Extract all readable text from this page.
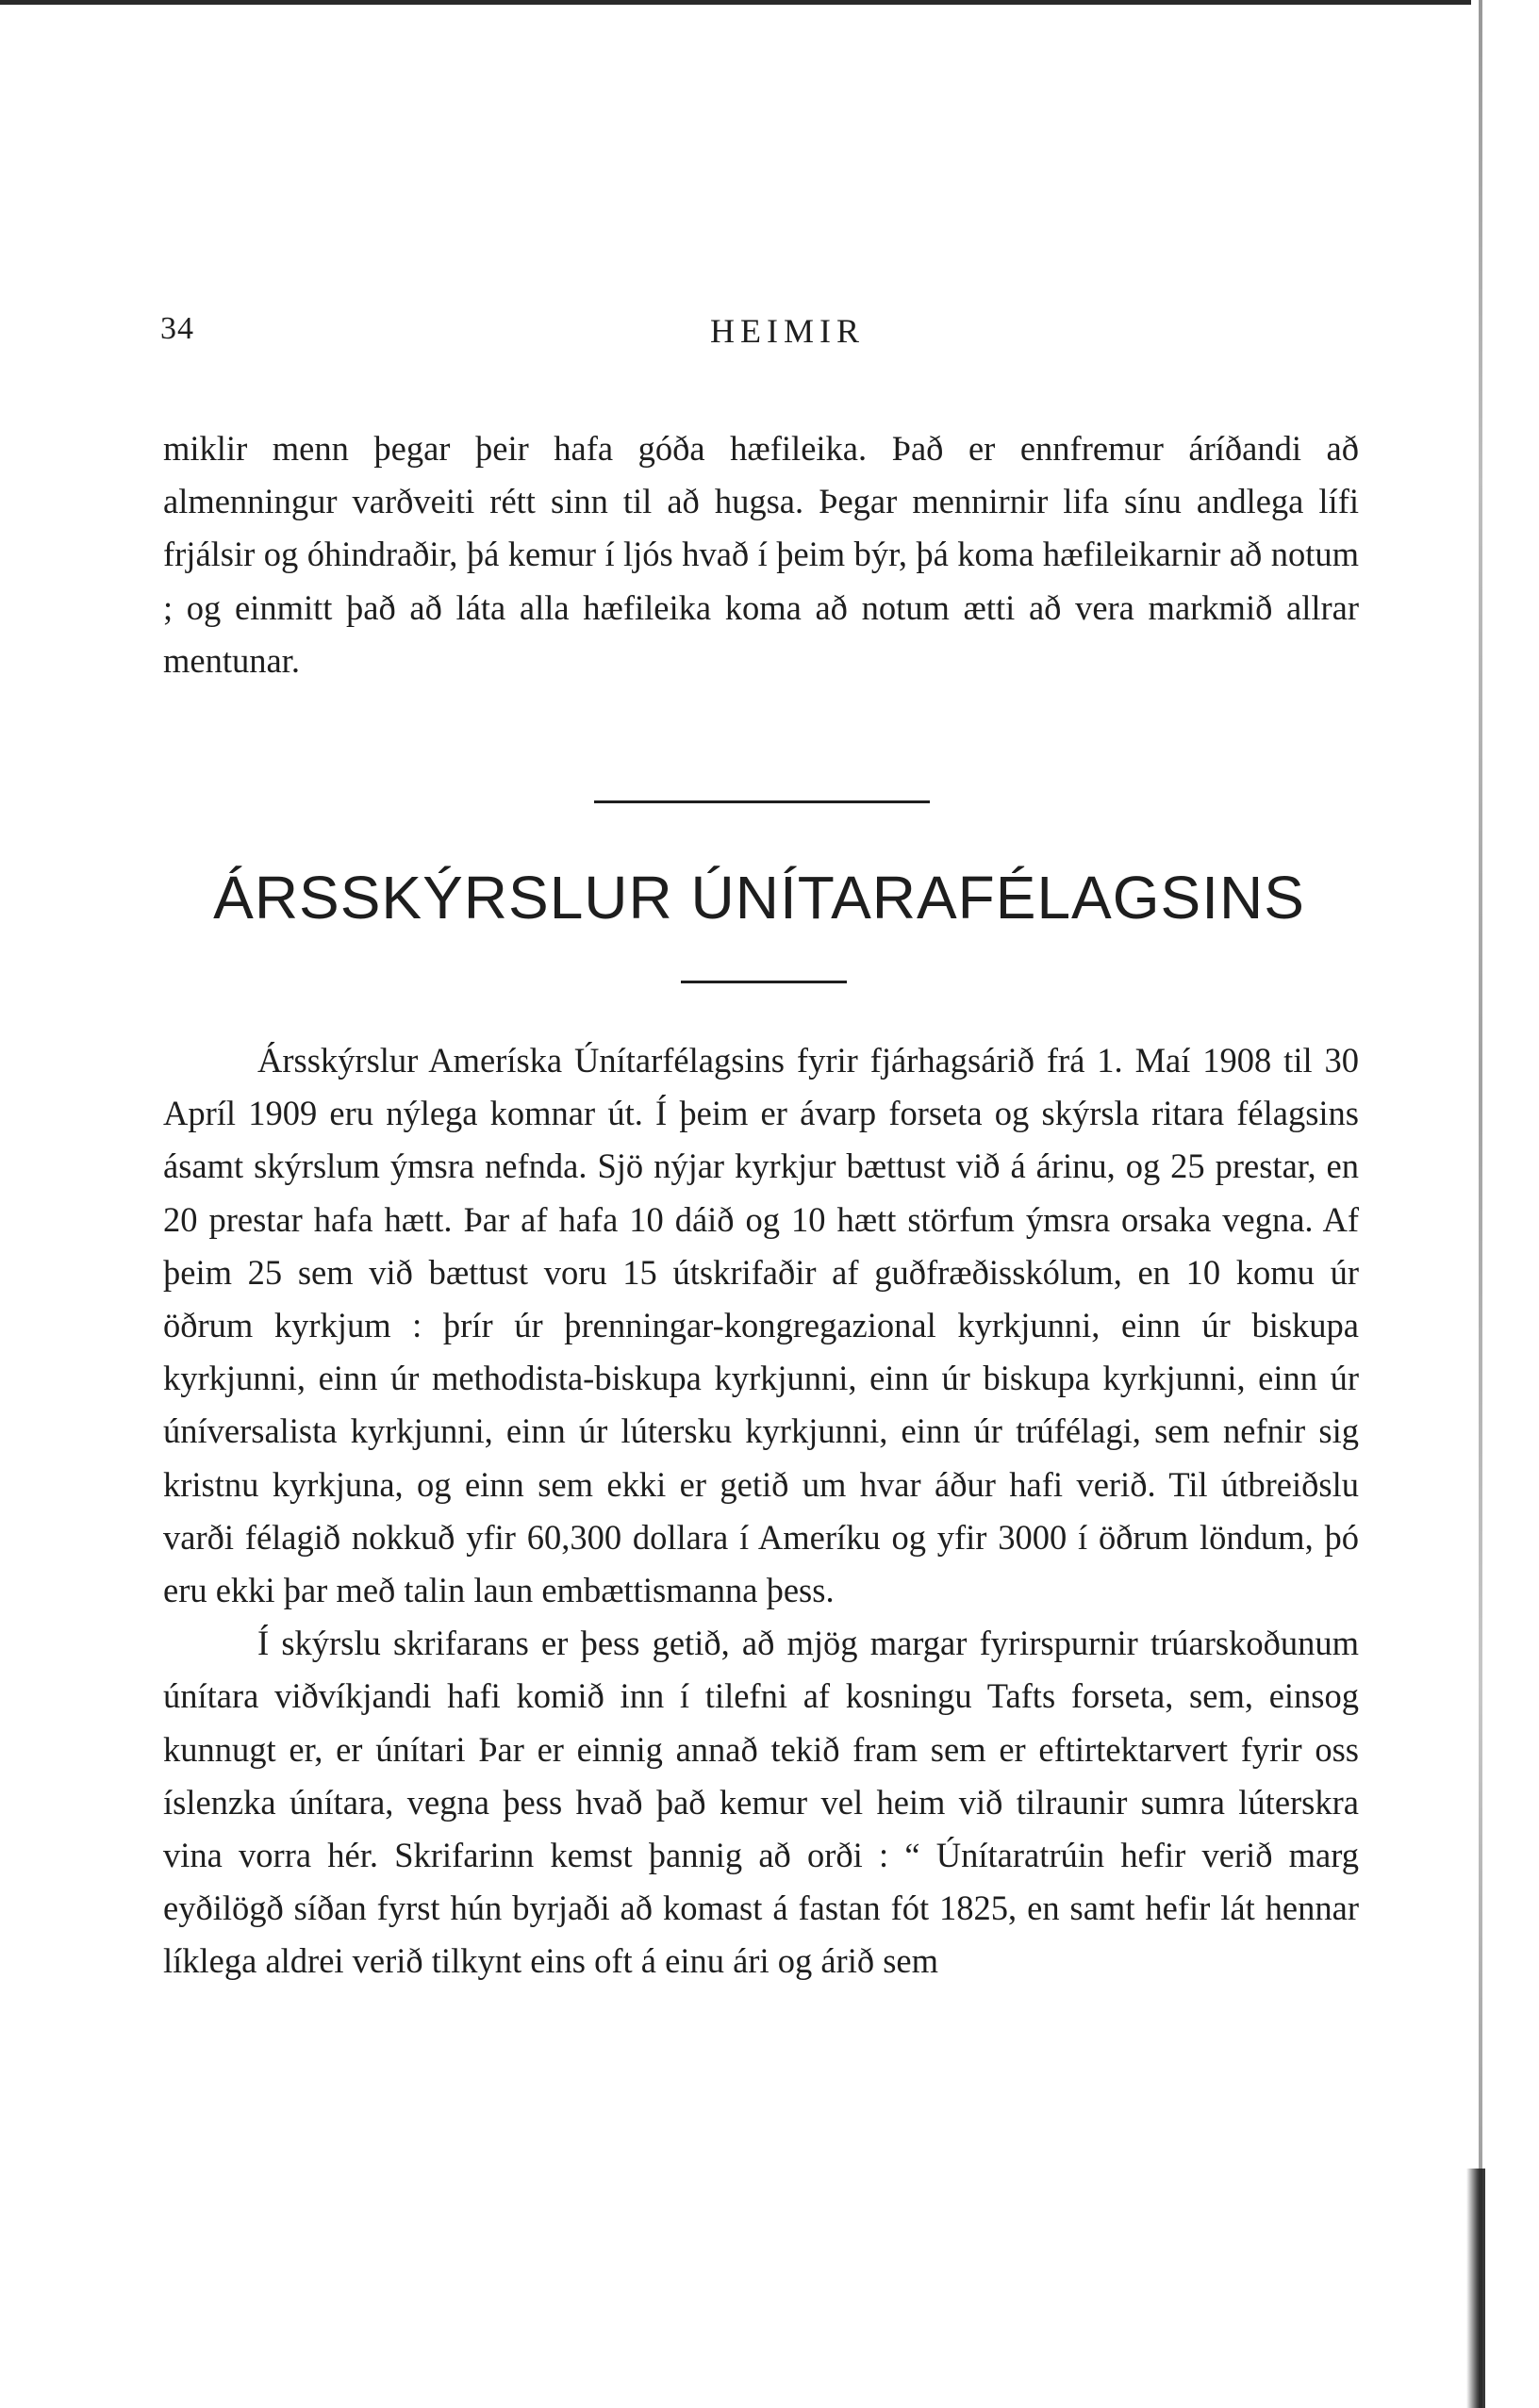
34	HEIMIR

miklir menn þegar þeir hafa góða hæfileika. Það er ennfremur áríðandi að almenningur varðveiti rétt sinn til að hugsa. Þegar mennirnir lifa sínu andlega lífi frjálsir og óhindraðir, þá kemur í ljós hvað í þeim býr, þá koma hæfileikarnir að notum ; og einmitt það að láta alla hæfileika koma að notum ætti að vera markmið allrar mentunar.

ÁRSSKÝRSLUR ÚNÍTARAFÉLAGSINS

Ársskýrslur Ameríska Únítarfélagsins fyrir fjárhagsárið frá 1. Maí 1908 til 30 Apríl 1909 eru nýlega komnar út. Í þeim er ávarp forseta og skýrsla ritara félagsins ásamt skýrslum ýmsra nefnda. Sjö nýjar kyrkjur bættust við á árinu, og 25 prestar, en 20 prestar hafa hætt. Þar af hafa 10 dáið og 10 hætt störfum ýmsra orsaka vegna. Af þeim 25 sem við bættust voru 15 útskrifaðir af guðfræðisskólum, en 10 komu úr öðrum kyrkjum : þrír úr þrenningar-kongregazional kyrkjunni, einn úr biskupa kyrkjunni, einn úr methodista-biskupa kyrkjunni, einn úr biskupa kyrkjunni, einn úr úníversalista kyrkjunni, einn úr lútersku kyrkjunni, einn úr trúfélagi, sem nefnir sig kristnu kyrkjuna, og einn sem ekki er getið um hvar áður hafi verið. Til útbreiðslu varði félagið nokkuð yfir 60,300 dollara í Ameríku og yfir 3000 í öðrum löndum, þó eru ekki þar með talin laun embættismanna þess.

Í skýrslu skrifarans er þess getið, að mjög margar fyrirspurnir trúarskoðunum únítara viðvíkjandi hafi komið inn í tilefni af kosningu Tafts forseta, sem, einsog kunnugt er, er únítari Þar er einnig annað tekið fram sem er eftirtektarvert fyrir oss íslenzka únítara, vegna þess hvað það kemur vel heim við tilraunir sumra lúterskra vina vorra hér. Skrifarinn kemst þannig að orði : “ Únítaratrúin hefir verið marg eyðilögð síðan fyrst hún byrjaði að komast á fastan fót 1825, en samt hefir lát hennar líklega aldrei verið tilkynt eins oft á einu ári og árið sem
